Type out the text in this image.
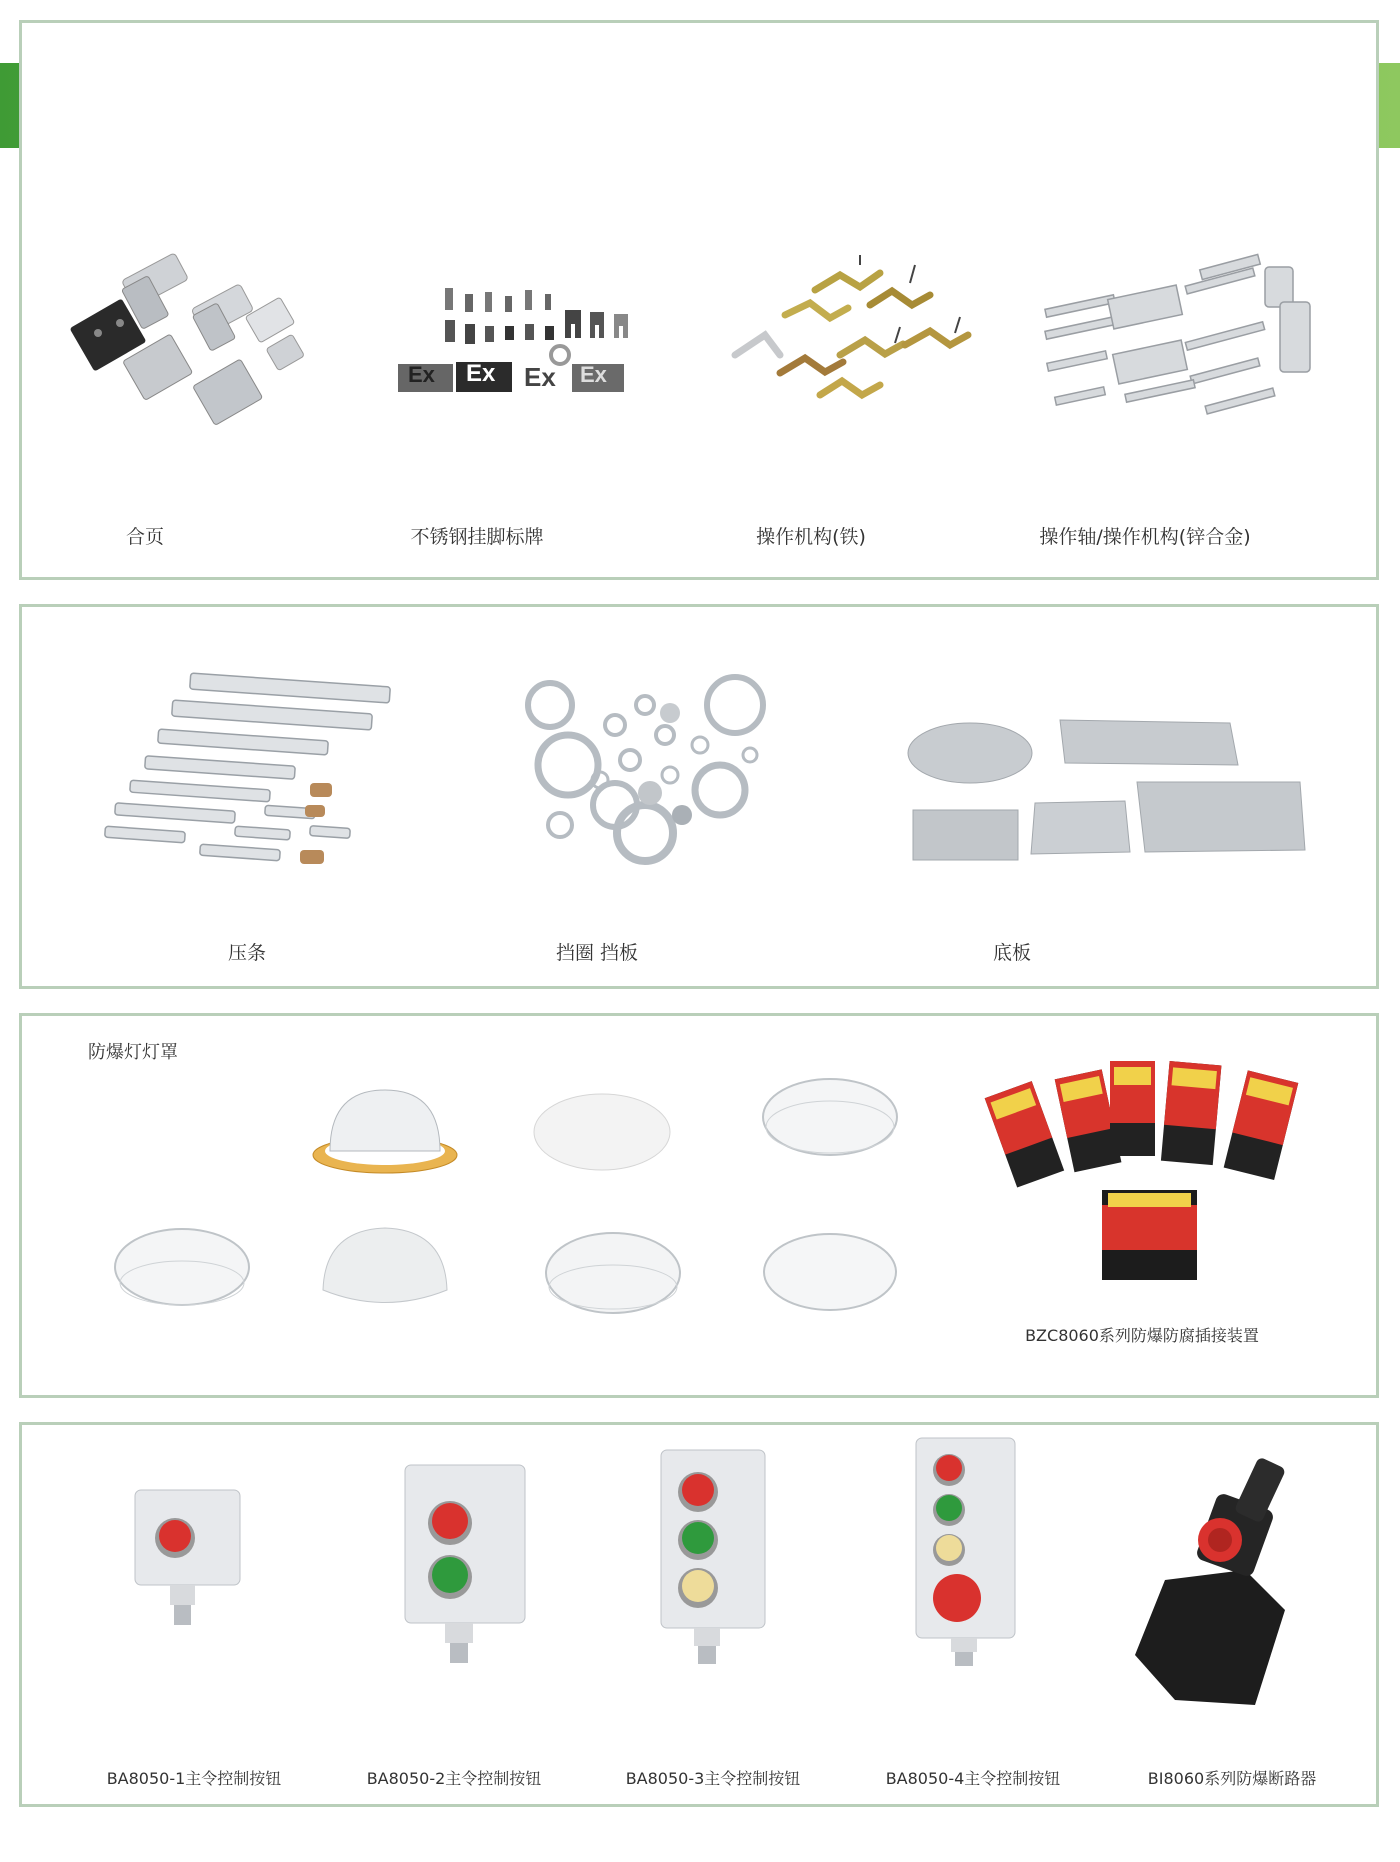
Ex Ex Ex Ex
合页	不锈钢挂脚标牌	操作机构(铁)	操作轴/操作机构(锌合金)
压条	挡圈 挡板	底板
防爆灯灯罩
BZC8060系列防爆防腐插接装置
BA8050-1主令控制按钮	BA8050-2主令控制按钮	BA8050-3主令控制按钮	BA8050-4主令控制按钮	BI8060系列防爆断路器
